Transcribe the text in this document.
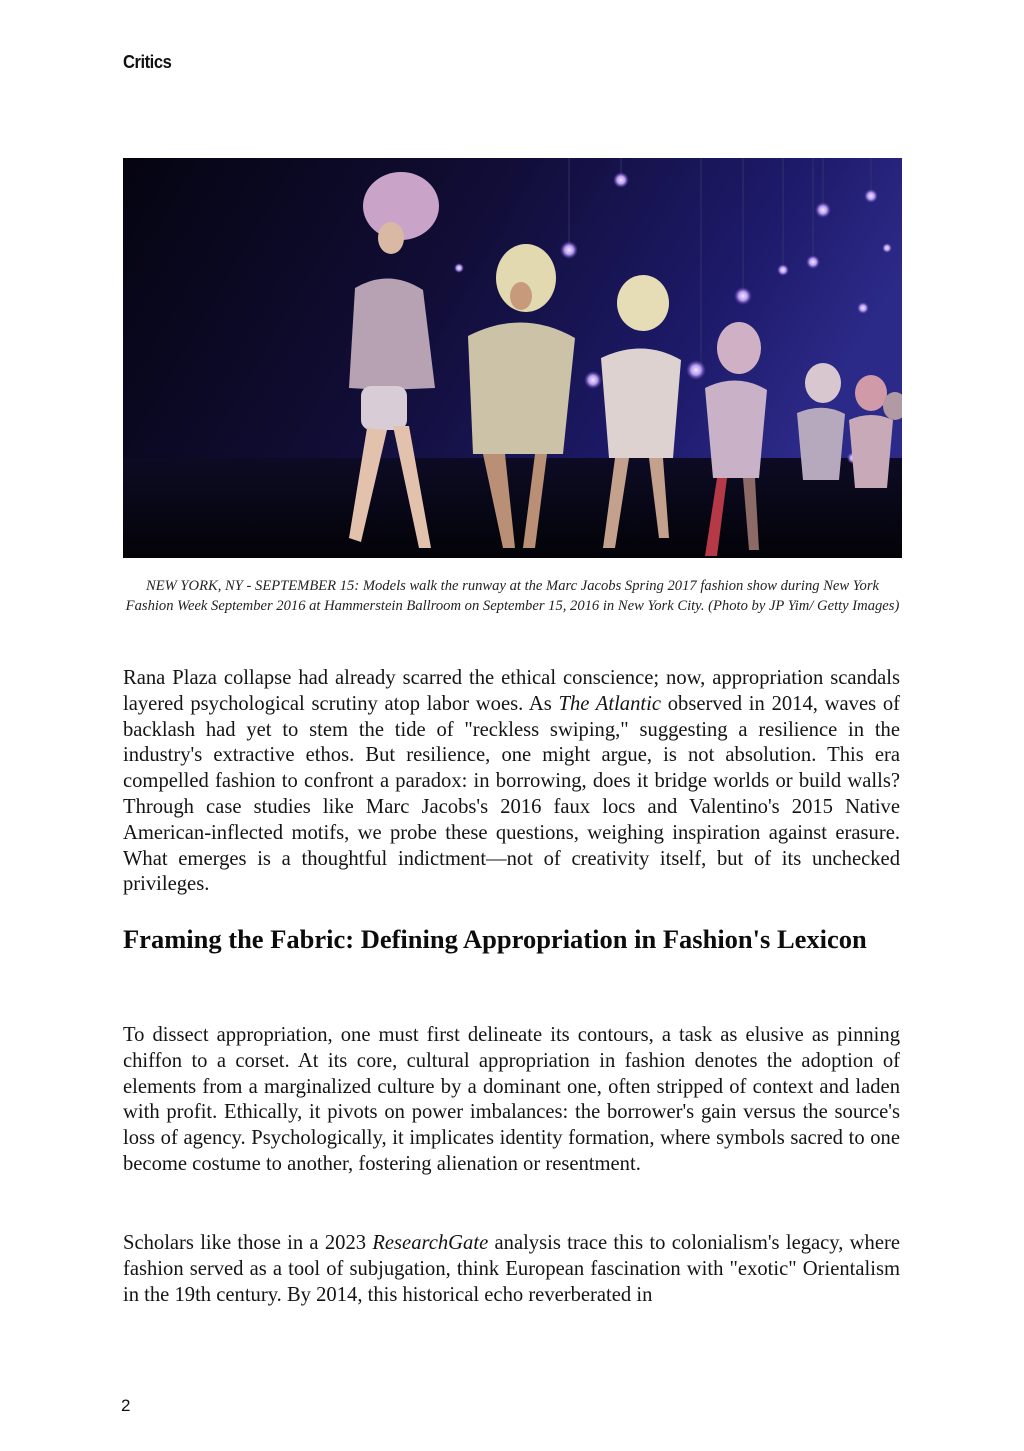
Critics
NEW YORK, NY - SEPTEMBER 15: Models walk the runway at the Marc Jacobs Spring 2017 fashion show during New York Fashion Week September 2016 at Hammerstein Ballroom on September 15, 2016 in New York City. (Photo by JP Yim/ Getty Images)

Rana Plaza collapse had already scarred the ethical conscience; now, appropriation scandals layered psychological scrutiny atop labor woes. As The Atlantic observed in 2014, waves of backlash had yet to stem the tide of "reckless swiping," suggesting a resilience in the industry's extractive ethos. But resilience, one might argue, is not absolution. This era compelled fashion to confront a paradox: in borrowing, does it bridge worlds or build walls? Through case studies like Marc Jacobs's 2016 faux locs and Valentino's 2015 Native American-inflected motifs, we probe these questions, weighing inspiration against erasure. What emerges is a thoughtful indictment—not of creativity itself, but of its unchecked privileges.

Framing the Fabric: Defining Appropriation in Fashion's Lexicon

To dissect appropriation, one must first delineate its contours, a task as elusive as pinning chiffon to a corset. At its core, cultural appropriation in fashion denotes the adoption of elements from a marginalized culture by a dominant one, often stripped of context and laden with profit. Ethically, it pivots on power imbalances: the borrower's gain versus the source's loss of agency. Psychologically, it implicates identity formation, where symbols sacred to one become costume to another, fostering alienation or resentment.

Scholars like those in a 2023 ResearchGate analysis trace this to colonialism's legacy, where fashion served as a tool of subjugation, think European fascination with "exotic" Orientalism in the 19th century. By 2014, this historical echo reverberated in

2
